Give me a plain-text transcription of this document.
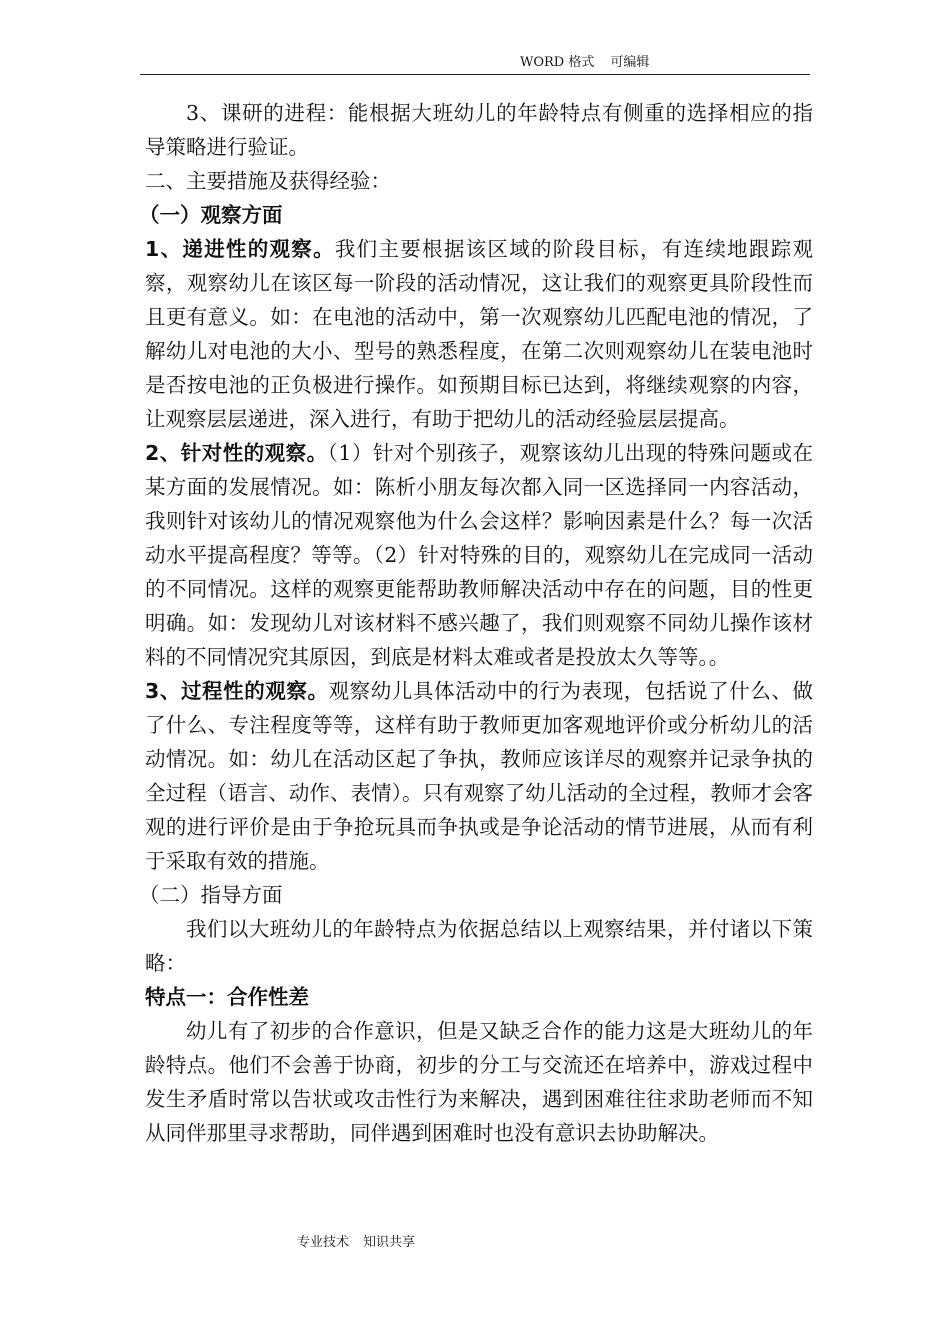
WORD 格式 可编辑

3、课研的进程：能根据大班幼儿的年龄特点有侧重的选择相应的指导策略进行验证。

二、主要措施及获得经验：

（一）观察方面

1、递进性的观察。我们主要根据该区域的阶段目标，有连续地跟踪观察，观察幼儿在该区每一阶段的活动情况，这让我们的观察更具阶段性而且更有意义。如：在电池的活动中，第一次观察幼儿匹配电池的情况，了解幼儿对电池的大小、型号的熟悉程度，在第二次则观察幼儿在装电池时是否按电池的正负极进行操作。如预期目标已达到，将继续观察的内容，让观察层层递进，深入进行，有助于把幼儿的活动经验层层提高。

2、针对性的观察。（1）针对个别孩子，观察该幼儿出现的特殊问题或在某方面的发展情况。如：陈析小朋友每次都入同一区选择同一内容活动，我则针对该幼儿的情况观察他为什么会这样？影响因素是什么？每一次活动水平提高程度？等等。（2）针对特殊的目的，观察幼儿在完成同一活动的不同情况。这样的观察更能帮助教师解决活动中存在的问题，目的性更明确。如：发现幼儿对该材料不感兴趣了，我们则观察不同幼儿操作该材料的不同情况究其原因，到底是材料太难或者是投放太久等等。。

3、过程性的观察。观察幼儿具体活动中的行为表现，包括说了什么、做了什么、专注程度等等，这样有助于教师更加客观地评价或分析幼儿的活动情况。如：幼儿在活动区起了争执，教师应该详尽的观察并记录争执的全过程（语言、动作、表情）。只有观察了幼儿活动的全过程，教师才会客观的进行评价是由于争抢玩具而争执或是争论活动的情节进展，从而有利于采取有效的措施。

（二）指导方面

我们以大班幼儿的年龄特点为依据总结以上观察结果，并付诸以下策略：

特点一：合作性差

幼儿有了初步的合作意识，但是又缺乏合作的能力这是大班幼儿的年龄特点。他们不会善于协商，初步的分工与交流还在培养中，游戏过程中发生矛盾时常以告状或攻击性行为来解决，遇到困难往往求助老师而不知从同伴那里寻求帮助，同伴遇到困难时也没有意识去协助解决。

专业技术 知识共享
